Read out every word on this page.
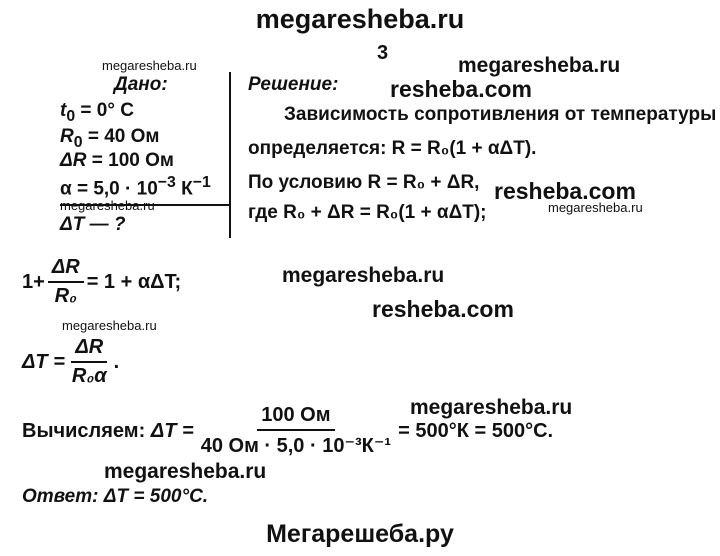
megaresheba.ru
3
megaresheba.ru	megaresheba.ru
resheba.com
resheba.com
megaresheba.ru
megaresheba.ru
resheba.com
megaresheba.ru
megaresheba.ru
megaresheba.ru
Дано:
$t_0 = 0^\circ$ С
$R_0 = 40$ Ом
ΔR = 100 Ом
$\alpha = 5,0 \cdot 10^{-3}$ $К^{-1}$
ΔT — ?
Решение:
Зависимость сопротивления от температуры
определяется: R = R₀(1 + αΔT).
По условию R = R₀ + ΔR,
где R₀ + ΔR = R₀(1 + αΔT);
$1+ \frac{\Delta R}{\text{R₀}} = 1 + \alpha\Delta T$;
$\Delta T = \frac{\Delta R}{\text{R₀α}}$ .
Вычисляем:
$\Delta T = \frac{100 Ом}{\text{40 Ом · 5,0 · 10⁻³К⁻¹}} = 500^\circ К = 500^\circ С$.
Ответ: ΔT = 500°С.
Мегарешеба.ру
